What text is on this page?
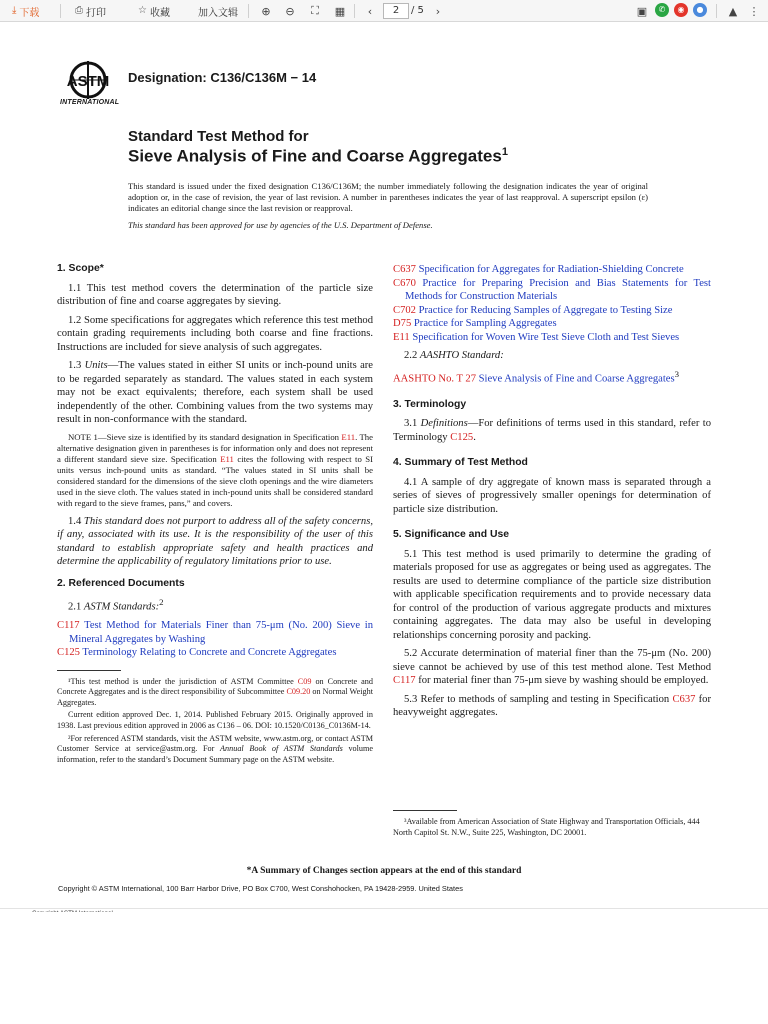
⤓ 下载	⎙ 打印	☆ 收藏	加入文辑 ⊕ ⊖ ⛶ ▦ ‹	2	/ 5 ›	▣	✆	◉	●	▲ ⋮
ASTM
INTERNATIONAL
Designation: C136/C136M − 14
Standard Test Method for
Sieve Analysis of Fine and Coarse Aggregates$^1$
This standard is issued under the fixed designation C136/C136M; the number immediately following the designation indicates the year of original adoption or, in the case of revision, the year of last revision. A number in parentheses indicates the year of last reapproval. A superscript epsilon (ε) indicates an editorial change since the last revision or reapproval.
This standard has been approved for use by agencies of the U.S. Department of Defense.
1. Scope*
1.1 This test method covers the determination of the particle size distribution of fine and coarse aggregates by sieving.
1.2 Some specifications for aggregates which reference this test method contain grading requirements including both coarse and fine fractions. Instructions are included for sieve analysis of such aggregates.
1.3 Units—The values stated in either SI units or inch-pound units are to be regarded separately as standard. The values stated in each system may not be exact equivalents; therefore, each system shall be used independently of the other. Combining values from the two systems may result in non-conformance with the standard.
NOTE 1—Sieve size is identified by its standard designation in Specification E11. The alternative designation given in parentheses is for information only and does not represent a different standard sieve size. Specification E11 cites the following with respect to SI units versus inch-pound units as standard. “The values stated in SI units shall be considered standard for the dimensions of the sieve cloth openings and the wire diameters used in the sieve cloth. The values stated in inch-pound units shall be considered standard with regard to the sieve frames, pans,” and covers.
1.4 This standard does not purport to address all of the safety concerns, if any, associated with its use. It is the responsibility of the user of this standard to establish appropriate safety and health practices and determine the applicability of regulatory limitations prior to use.
2. Referenced Documents
2.1 ASTM Standards:$^2$
C117 Test Method for Materials Finer than 75-μm (No. 200) Sieve in Mineral Aggregates by Washing
C125 Terminology Relating to Concrete and Concrete Aggregates
¹This test method is under the jurisdiction of ASTM Committee C09 on Concrete and Concrete Aggregates and is the direct responsibility of Subcommittee C09.20 on Normal Weight Aggregates.
Current edition approved Dec. 1, 2014. Published February 2015. Originally approved in 1938. Last previous edition approved in 2006 as C136 – 06. DOI: 10.1520/C0136_C0136M-14.
²For referenced ASTM standards, visit the ASTM website, www.astm.org, or contact ASTM Customer Service at service@astm.org. For Annual Book of ASTM Standards volume information, refer to the standard’s Document Summary page on the ASTM website.
C637 Specification for Aggregates for Radiation-Shielding Concrete
C670 Practice for Preparing Precision and Bias Statements for Test Methods for Construction Materials
C702 Practice for Reducing Samples of Aggregate to Testing Size
D75 Practice for Sampling Aggregates
E11 Specification for Woven Wire Test Sieve Cloth and Test Sieves
2.2 AASHTO Standard:
AASHTO No. T 27 Sieve Analysis of Fine and Coarse Aggregates$^3$
3. Terminology
3.1 Definitions—For definitions of terms used in this standard, refer to Terminology C125.
4. Summary of Test Method
4.1 A sample of dry aggregate of known mass is separated through a series of sieves of progressively smaller openings for determination of particle size distribution.
5. Significance and Use
5.1 This test method is used primarily to determine the grading of materials proposed for use as aggregates or being used as aggregates. The results are used to determine compliance of the particle size distribution with applicable specification requirements and to provide necessary data for control of the production of various aggregate products and mixtures containing aggregates. The data may also be useful in developing relationships concerning porosity and packing.
5.2 Accurate determination of material finer than the 75-μm (No. 200) sieve cannot be achieved by use of this test method alone. Test Method C117 for material finer than 75-μm sieve by washing should be employed.
5.3 Refer to methods of sampling and testing in Specification C637 for heavyweight aggregates.
³Available from American Association of State Highway and Transportation Officials, 444 North Capitol St. N.W., Suite 225, Washington, DC 20001.
*A Summary of Changes section appears at the end of this standard
Copyright © ASTM International, 100 Barr Harbor Drive, PO Box C700, West Conshohocken, PA 19428-2959. United States
